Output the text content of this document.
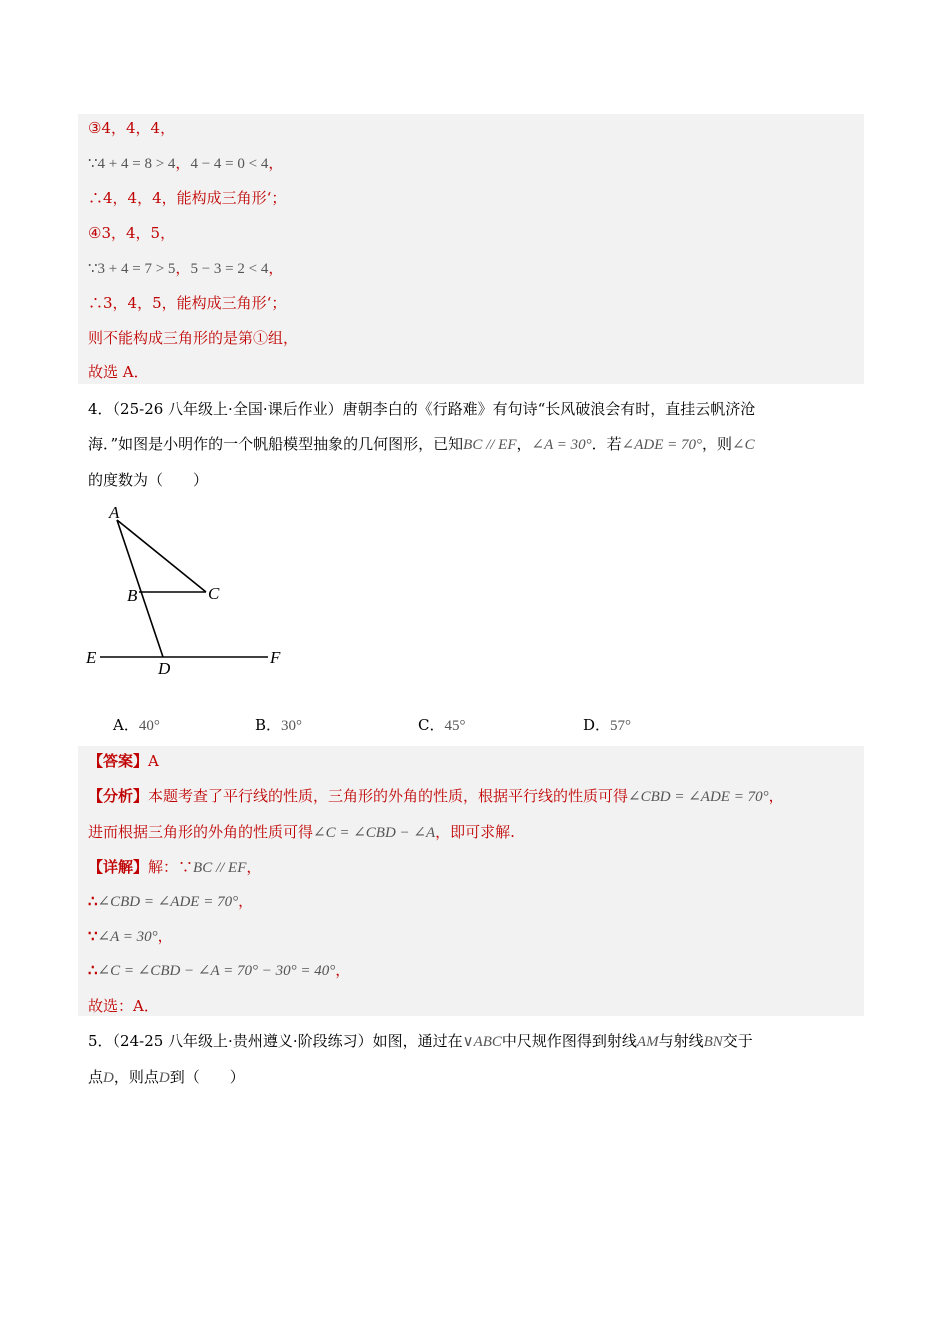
③4，4，4，
∵4 + 4 = 8 > 4，4 − 4 = 0 < 4，
∴4，4，4，能构成三角形‘；
④3，4，5，
∵3 + 4 = 7 > 5，5 − 3 = 2 < 4，
∴3，4，5，能构成三角形‘；
则不能构成三角形的是第①组，
故选 A．
4．（25-26 八年级上·全国·课后作业）唐朝李白的《行路难》有句诗“长风破浪会有时，直挂云帆济沧
海．”如图是小明作的一个帆船模型抽象的几何图形，已知BC // EF，∠A = 30°．若∠ADE = 70°，则∠C
的度数为（　　）
A
B	C
D
E	F
A．40°	B．30°	C．45°	D．57°
【答案】A
【分析】本题考查了平行线的性质，三角形的外角的性质，根据平行线的性质可得∠CBD = ∠ADE = 70°，
进而根据三角形的外角的性质可得∠C = ∠CBD − ∠A，即可求解.
【详解】解：∵BC // EF，
∴∠CBD = ∠ADE = 70°，
∵∠A = 30°，
∴∠C = ∠CBD − ∠A = 70° − 30° = 40°，
故选：A．
5．（24-25 八年级上·贵州遵义·阶段练习）如图，通过在∨ABC中尺规作图得到射线AM与射线BN交于
点D，则点D到（　　）
